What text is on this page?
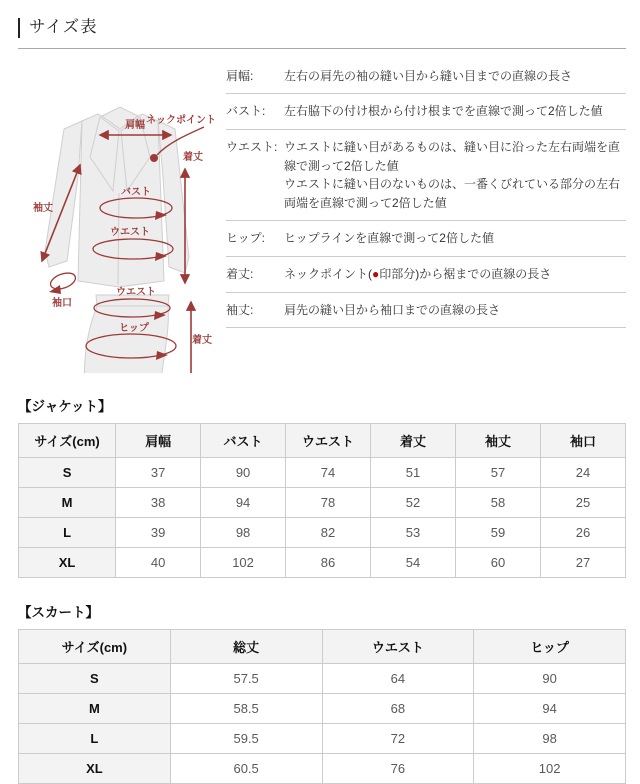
サイズ表
肩幅 ネックポイント
着丈
袖丈
バスト
ウエスト
袖口
ウエスト
ヒップ
着丈
肩幅:	左右の肩先の袖の縫い目から縫い目までの直線の長さ
バスト:	左右脇下の付け根から付け根までを直線で測って2倍した値
ウエスト: ウエストに縫い目があるものは、縫い目に沿った左右両端を直線で測って2倍した値

ウエストに縫い目のないものは、一番くびれている部分の左右両端を直線で測って2倍した値

ヒップ:	ヒップラインを直線で測って2倍した値
着丈:	ネックポイント(●印部分)から裾までの直線の長さ
袖丈:	肩先の縫い目から袖口までの直線の長さ
【ジャケット】
サイズ(cm)	肩幅	バスト	ウエスト	着丈	袖丈	袖口
S	37	90	74	51	57	24
M	38	94	78	52	58	25
L	39	98	82	53	59	26
XL	40	102	86	54	60	27
【スカート】
サイズ(cm)	総丈	ウエスト	ヒップ
S	57.5	64	90
M	58.5	68	94
L	59.5	72	98
XL	60.5	76	102
